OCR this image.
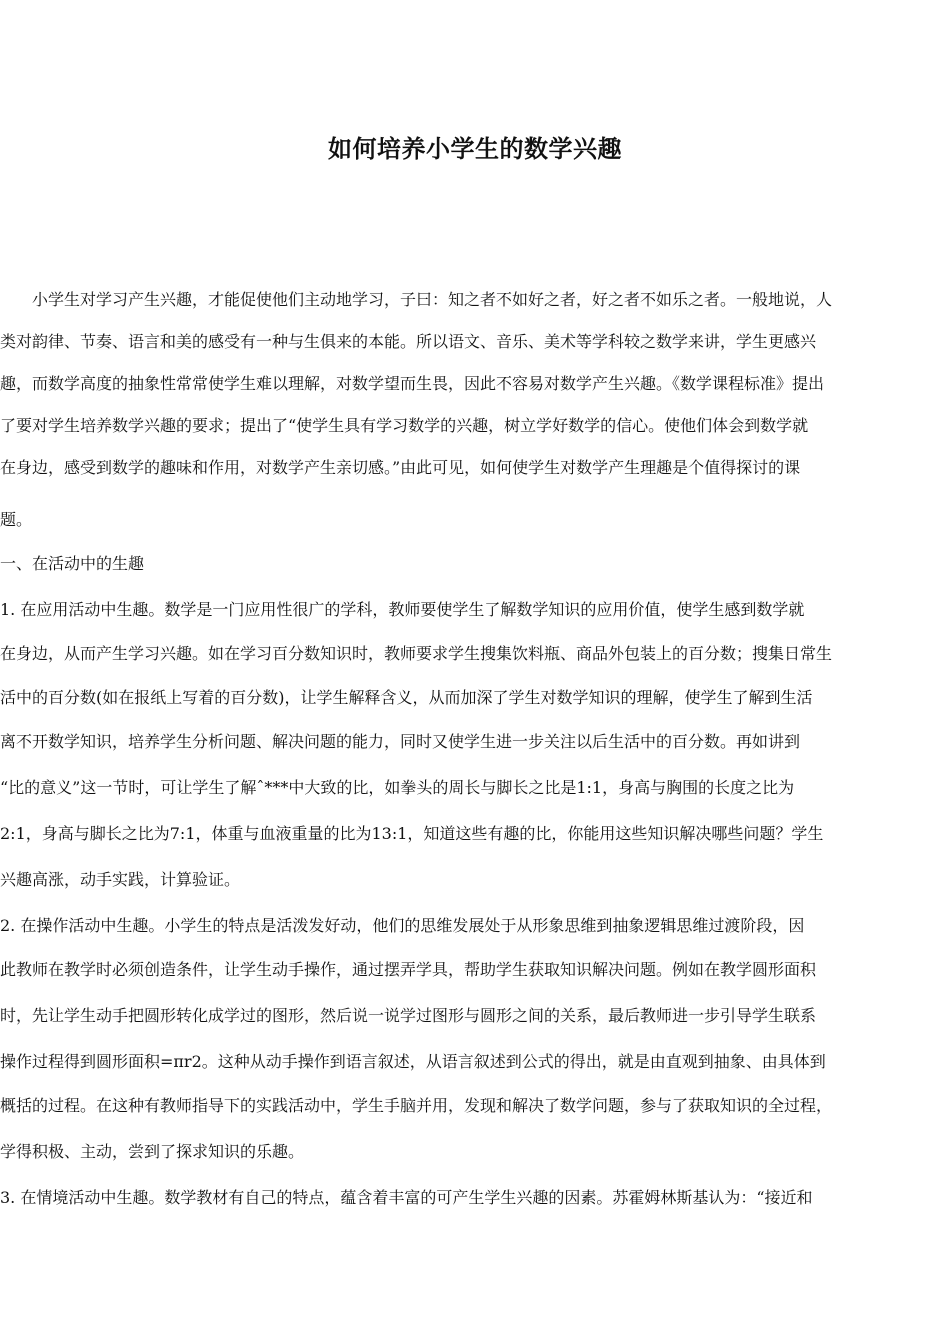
如何培养小学生的数学兴趣
　　小学生对学习产生兴趣，才能促使他们主动地学习，子曰：知之者不如好之者，好之者不如乐之者。一般地说，人
类对韵律、节奏、语言和美的感受有一种与生俱来的本能。所以语文、音乐、美术等学科较之数学来讲，学生更感兴
趣，而数学高度的抽象性常常使学生难以理解，对数学望而生畏，因此不容易对数学产生兴趣。《数学课程标准》提出
了要对学生培养数学兴趣的要求；提出了“使学生具有学习数学的兴趣，树立学好数学的信心。使他们体会到数学就
在身边，感受到数学的趣味和作用，对数学产生亲切感。”由此可见，如何使学生对数学产生理趣是个值得探讨的课
题。
一、在活动中的生趣
1. 在应用活动中生趣。数学是一门应用性很广的学科，教师要使学生了解数学知识的应用价值，使学生感到数学就
在身边，从而产生学习兴趣。如在学习百分数知识时，教师要求学生搜集饮料瓶、商品外包装上的百分数；搜集日常生
活中的百分数(如在报纸上写着的百分数)，让学生解释含义，从而加深了学生对数学知识的理解，使学生了解到生活
离不开数学知识，培养学生分析问题、解决问题的能力，同时又使学生进一步关注以后生活中的百分数。再如讲到
“比的意义”这一节时，可让学生了解ˆ***中大致的比，如拳头的周长与脚长之比是1:1，身高与胸围的长度之比为
2:1，身高与脚长之比为7:1，体重与血液重量的比为13:1，知道这些有趣的比，你能用这些知识解决哪些问题？学生
兴趣高涨，动手实践，计算验证。
2. 在操作活动中生趣。小学生的特点是活泼发好动，他们的思维发展处于从形象思维到抽象逻辑思维过渡阶段，因
此教师在教学时必须创造条件，让学生动手操作，通过摆弄学具，帮助学生获取知识解决问题。例如在教学圆形面积
时，先让学生动手把圆形转化成学过的图形，然后说一说学过图形与圆形之间的关系，最后教师进一步引导学生联系
操作过程得到圆形面积=πr2。这种从动手操作到语言叙述，从语言叙述到公式的得出，就是由直观到抽象、由具体到
概括的过程。在这种有教师指导下的实践活动中，学生手脑并用，发现和解决了数学问题，参与了获取知识的全过程，
学得积极、主动，尝到了探求知识的乐趣。
3. 在情境活动中生趣。数学教材有自己的特点，蕴含着丰富的可产生学生兴趣的因素。苏霍姆林斯基认为：“接近和
